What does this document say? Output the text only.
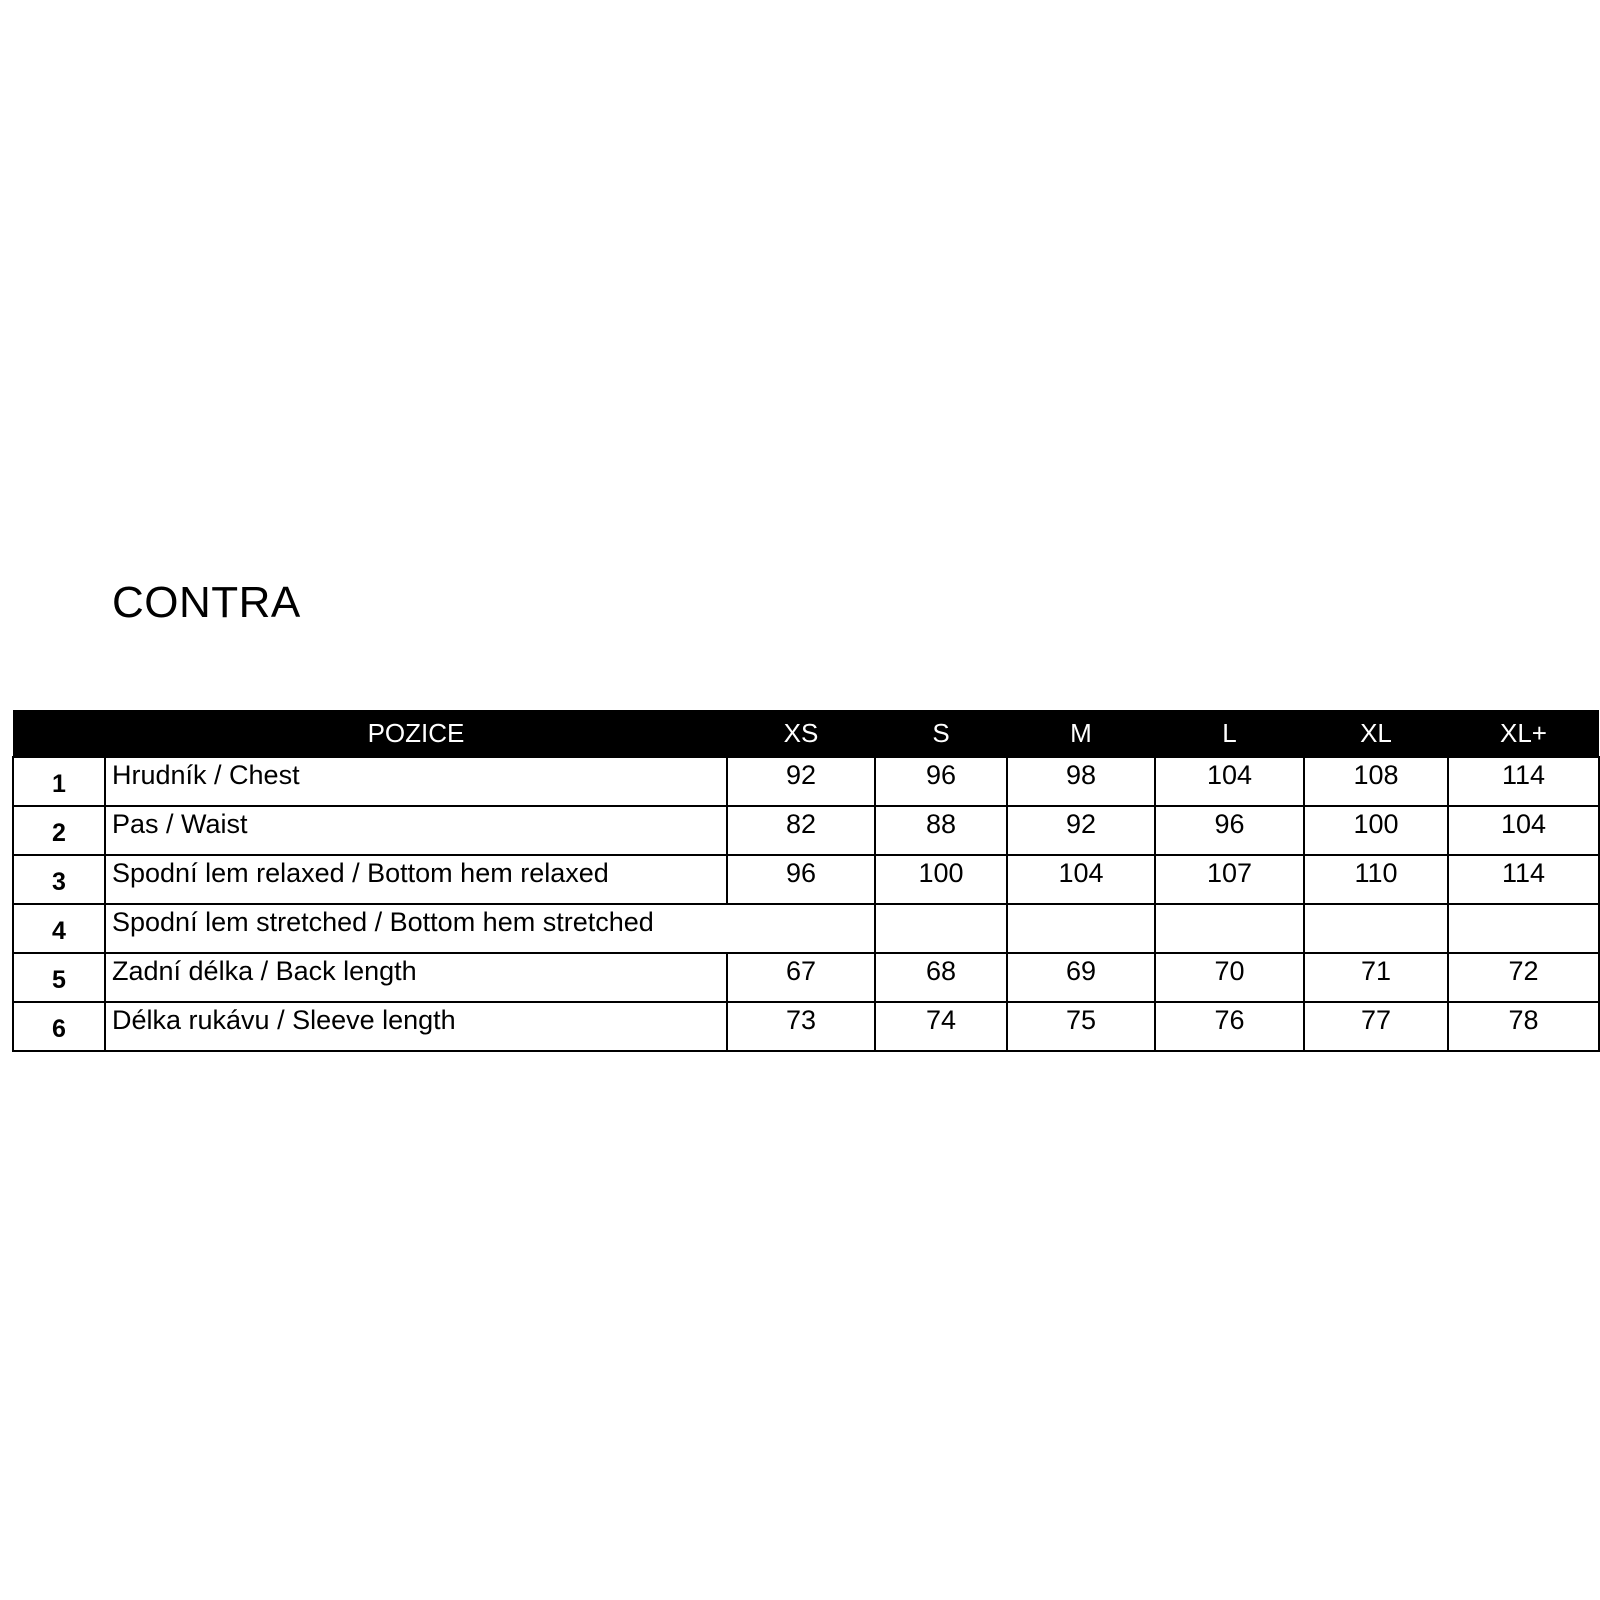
CONTRA
	POZICE	XS	S	M	L	XL	XL+
1	Hrudník / Chest	92	96	98	104	108	114
2	Pas / Waist	82	88	92	96	100	104
3	Spodní lem relaxed / Bottom hem relaxed	96	100	104	107	110	114
4	Spodní lem stretched / Bottom hem stretched						
5	Zadní délka / Back length	67	68	69	70	71	72
6	Délka rukávu / Sleeve length	73	74	75	76	77	78
